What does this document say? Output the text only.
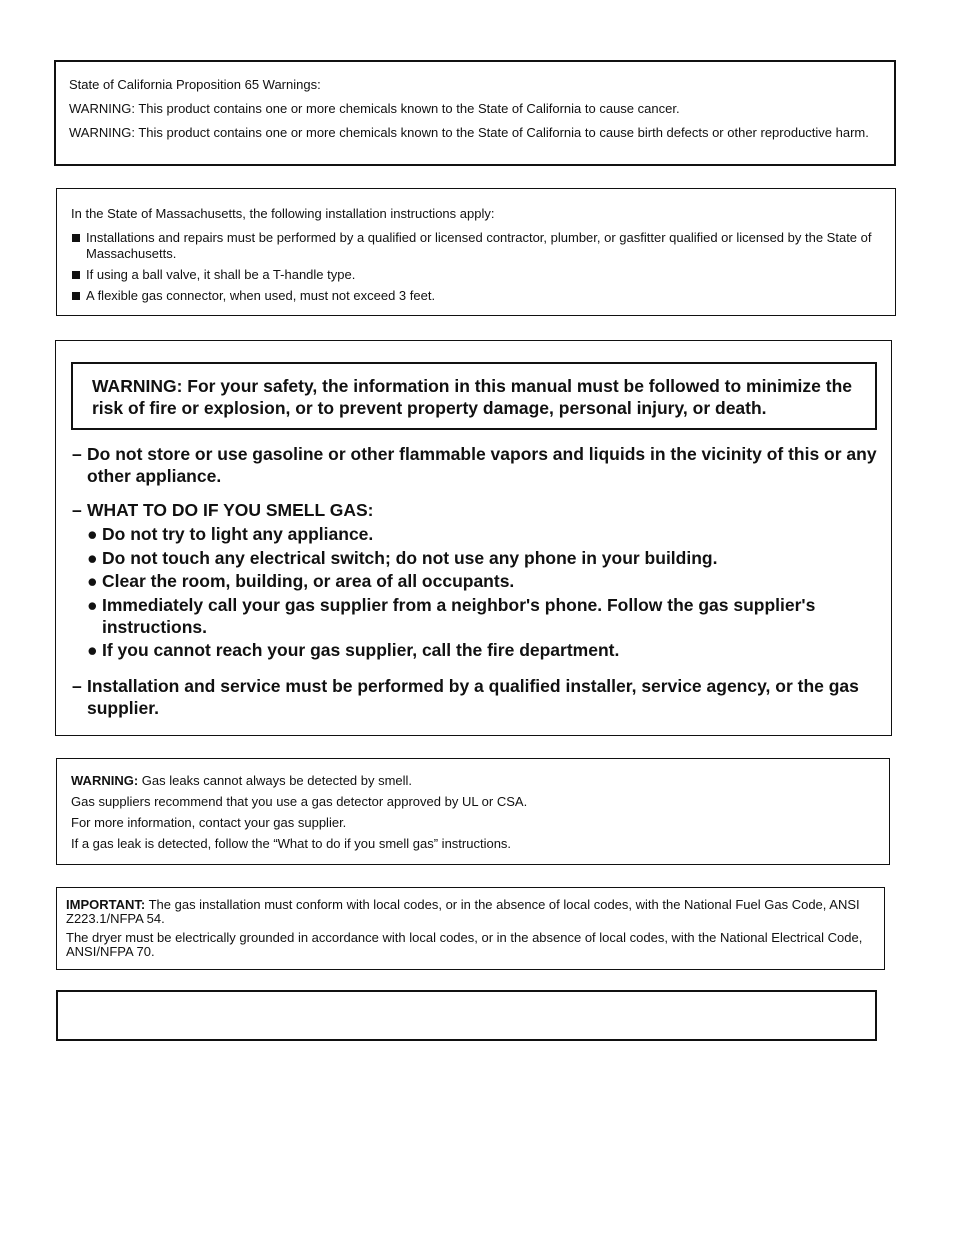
State of California Proposition 65 Warnings:

WARNING: This product contains one or more chemicals known to the State of California to cause cancer.

WARNING: This product contains one or more chemicals known to the State of California to cause birth defects or other reproductive harm.

In the State of Massachusetts, the following installation instructions apply:

Installations and repairs must be performed by a qualified or licensed contractor, plumber, or gasfitter qualified or licensed by the State of Massachusetts.
If using a ball valve, it shall be a T-handle type.
A flexible gas connector, when used, must not exceed 3 feet.
WARNING: For your safety, the information in this manual must be followed to minimize the risk of fire or explosion, or to prevent property damage, personal injury, or death.
– Do not store or use gasoline or other flammable vapors and liquids in the vicinity of this or any other appliance.
– WHAT TO DO IF YOU SMELL GAS:
● Do not try to light any appliance.
● Do not touch any electrical switch; do not use any phone in your building.
● Clear the room, building, or area of all occupants.
● Immediately call your gas supplier from a neighbor's phone. Follow the gas supplier's instructions.
● If you cannot reach your gas supplier, call the fire department.
– Installation and service must be performed by a qualified installer, service agency, or the gas supplier.

WARNING: Gas leaks cannot always be detected by smell.

Gas suppliers recommend that you use a gas detector approved by UL or CSA.

For more information, contact your gas supplier.

If a gas leak is detected, follow the “What to do if you smell gas” instructions.

IMPORTANT: The gas installation must conform with local codes, or in the absence of local codes, with the National Fuel Gas Code, ANSI Z223.1/NFPA 54.

The dryer must be electrically grounded in accordance with local codes, or in the absence of local codes, with the National Electrical Code, ANSI/NFPA 70.
